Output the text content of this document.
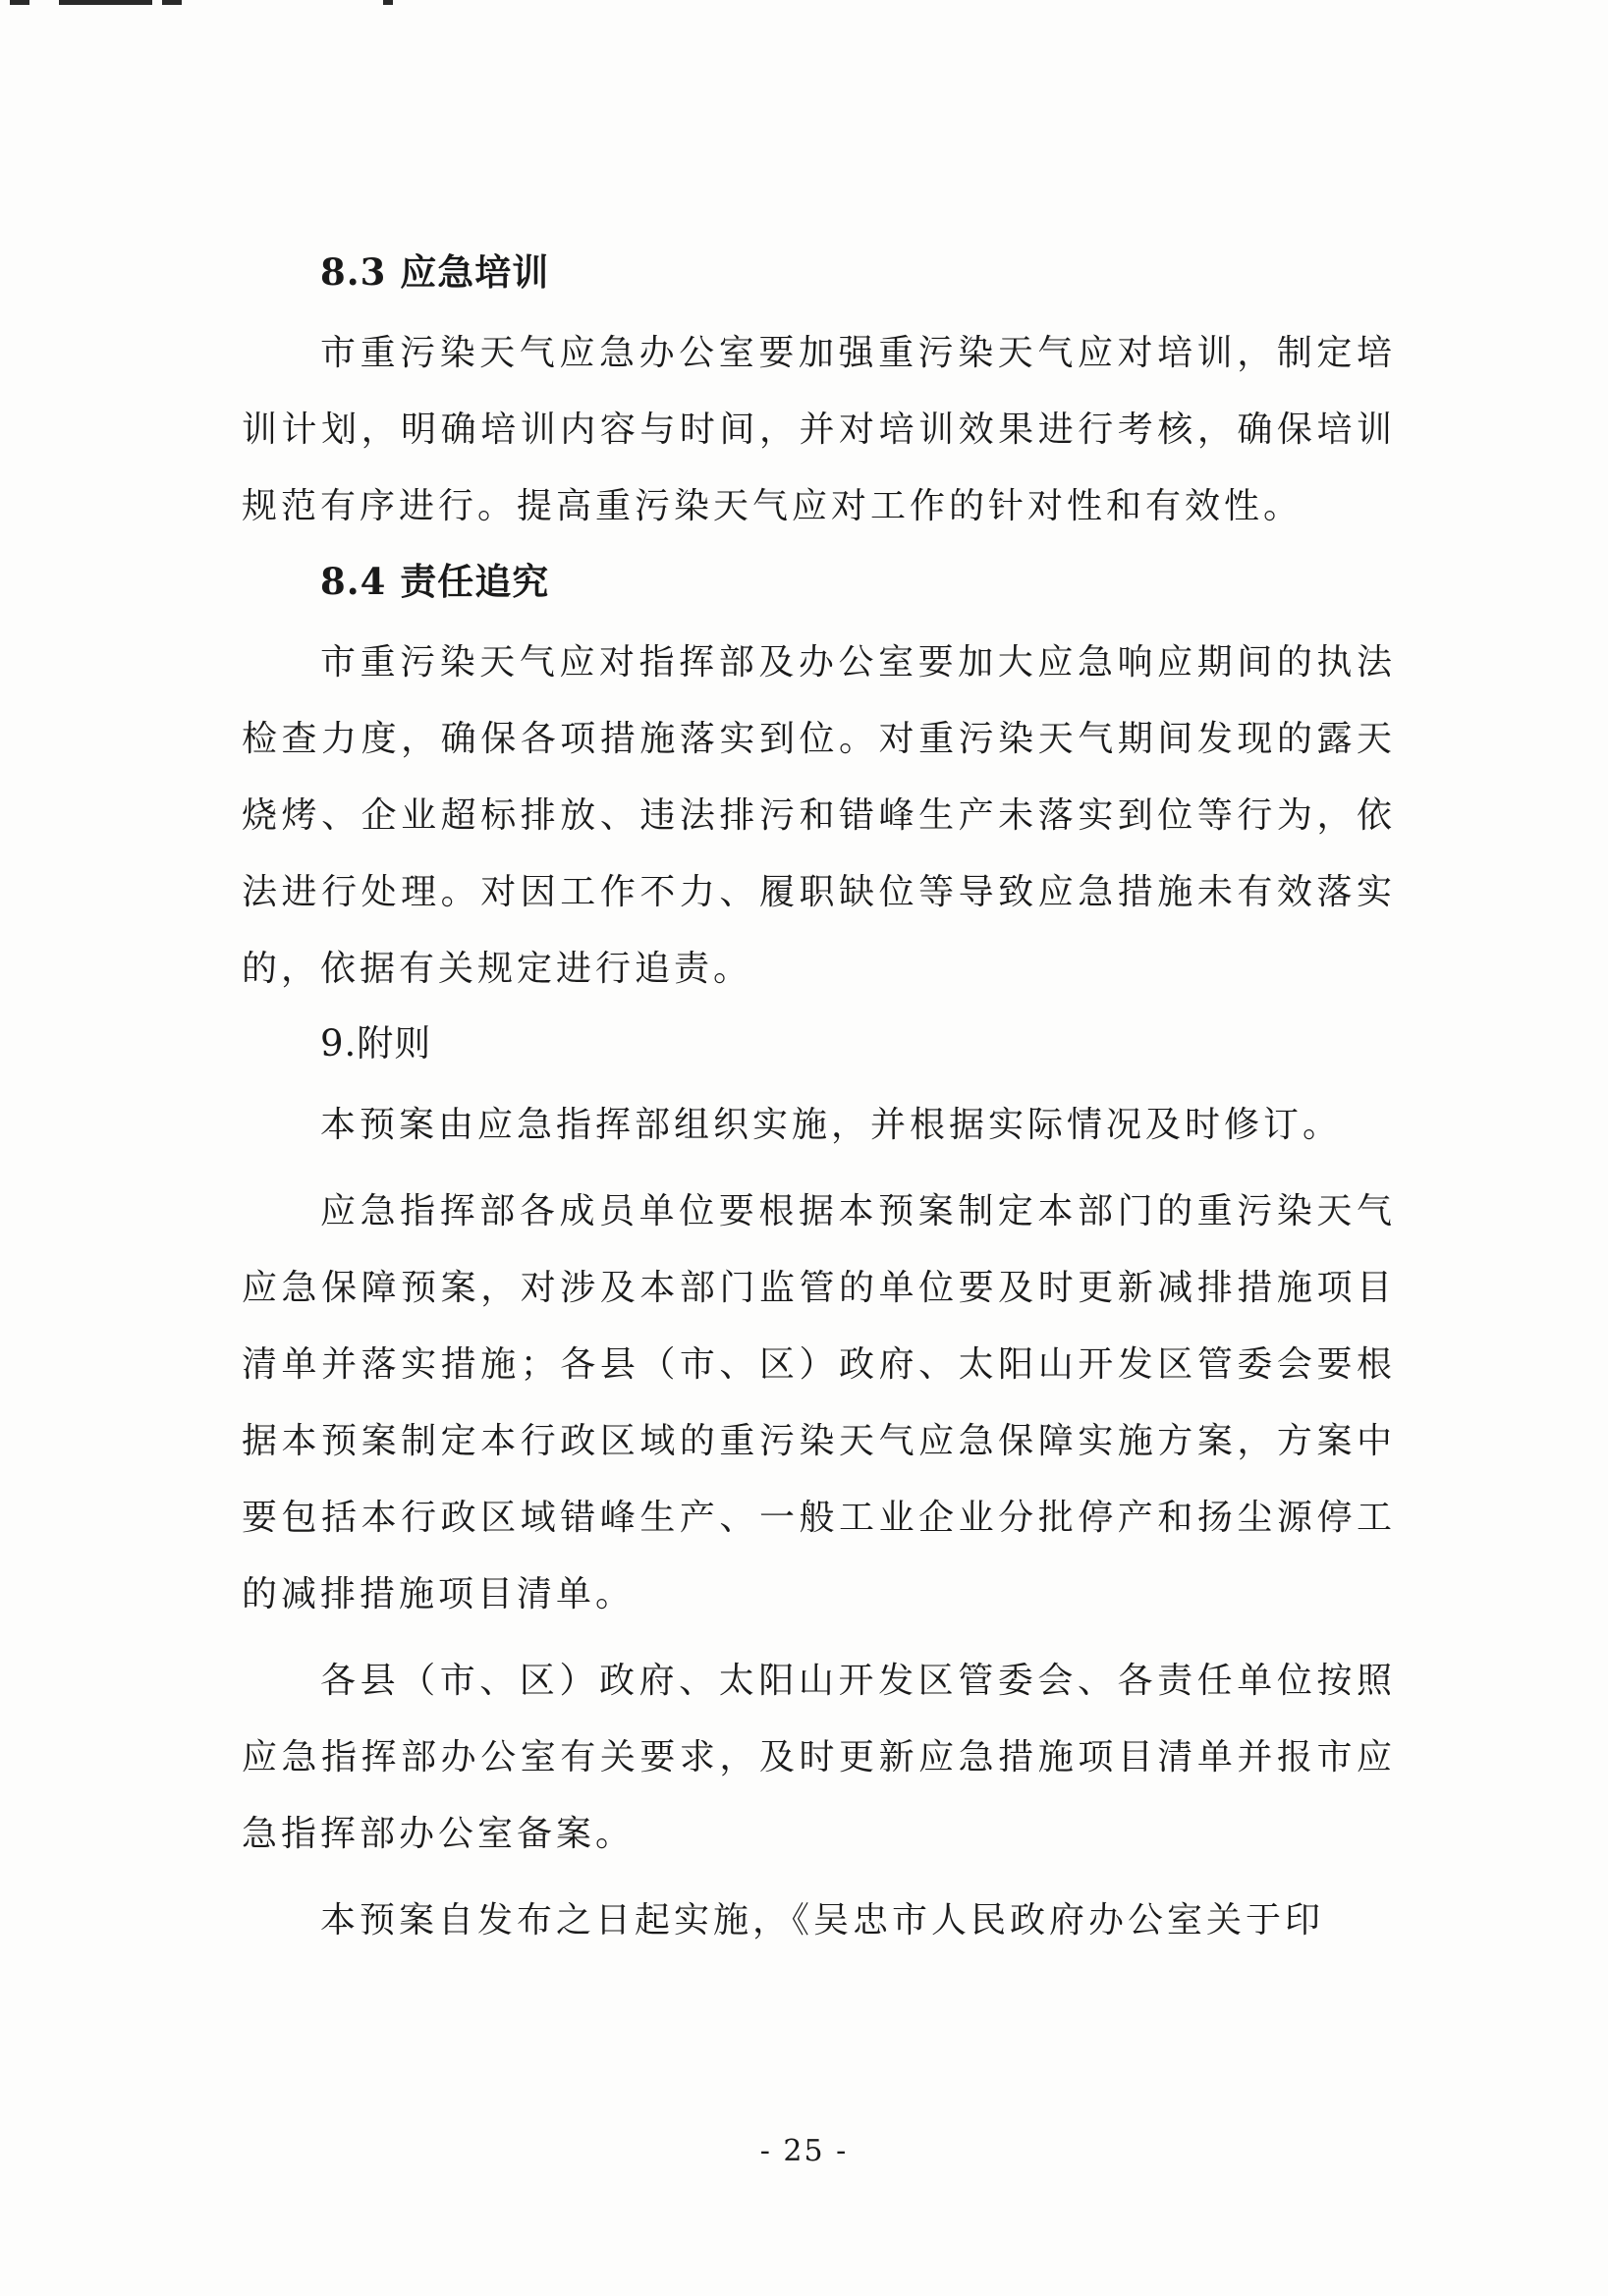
8.3 应急培训

市重污染天气应急办公室要加强重污染天气应对培训，制定培训计划，明确培训内容与时间，并对培训效果进行考核，确保培训规范有序进行。提高重污染天气应对工作的针对性和有效性。

8.4 责任追究

市重污染天气应对指挥部及办公室要加大应急响应期间的执法检查力度，确保各项措施落实到位。对重污染天气期间发现的露天烧烤、企业超标排放、违法排污和错峰生产未落实到位等行为，依法进行处理。对因工作不力、履职缺位等导致应急措施未有效落实的，依据有关规定进行追责。

9.附则

本预案由应急指挥部组织实施，并根据实际情况及时修订。

应急指挥部各成员单位要根据本预案制定本部门的重污染天气应急保障预案，对涉及本部门监管的单位要及时更新减排措施项目清单并落实措施；各县（市、区）政府、太阳山开发区管委会要根据本预案制定本行政区域的重污染天气应急保障实施方案，方案中要包括本行政区域错峰生产、一般工业企业分批停产和扬尘源停工的减排措施项目清单。

各县（市、区）政府、太阳山开发区管委会、各责任单位按照应急指挥部办公室有关要求，及时更新应急措施项目清单并报市应急指挥部办公室备案。

本预案自发布之日起实施，《吴忠市人民政府办公室关于印

- 25 -
